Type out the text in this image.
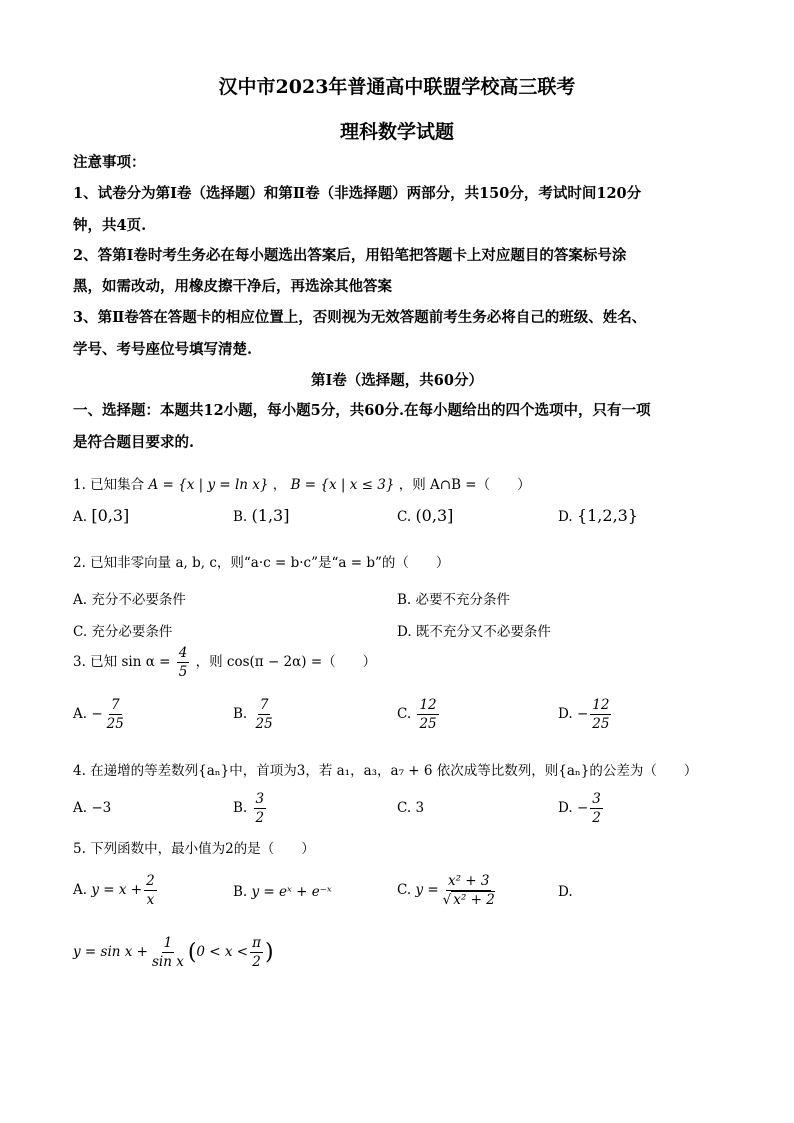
汉中市2023年普通高中联盟学校高三联考
理科数学试题
注意事项：
1、试卷分为第Ⅰ卷（选择题）和第Ⅱ卷（非选择题）两部分，共150分，考试时间120分
钟，共4页.
2、答第Ⅰ卷时考生务必在每小题选出答案后，用铅笔把答题卡上对应题目的答案标号涂
黑，如需改动，用橡皮擦干净后，再选涂其他答案
3、第Ⅱ卷答在答题卡的相应位置上，否则视为无效答题前考生务必将自己的班级、姓名、
学号、考号座位号填写清楚.
第Ⅰ卷（选择题，共60分）
一、选择题：本题共12小题，每小题5分，共60分.在每小题给出的四个选项中，只有一项
是符合题目要求的.
1. 已知集合 A = {x | y = ln x} ， B = {x | x ≤ 3} ，则 A∩B =（　　）
A. [0,3]	B. (1,3]	C. (0,3]	D. {1,2,3}
2. 已知非零向量 a, b, c，则“a·c = b·c”是“a = b”的（　　）
A. 充分不必要条件	B. 必要不充分条件
C. 充分必要条件	D. 既不充分又不必要条件
3. 已知 $\sin \alpha = \frac{4}{5}$ ，则 cos(π − 2α) =（　　）
A. − $\frac{7}{25}$	B. $\frac{7}{25}$	C. $\frac{12}{25}$	D. − $\frac{12}{25}$
4. 在递增的等差数列{aₙ}中，首项为3，若 a₁，a₃，a₇ + 6 依次成等比数列，则{aₙ}的公差为（　　）
A. −3	B. $\frac{3}{2}$	C. 3	D. − $\frac{3}{2}$
5. 下列函数中，最小值为2的是（　　）
A. $y = x + \frac{2}{x}$	B. y = eˣ + e⁻ˣ	C. $y = \frac{\text{x² + 3}}{\text{√ x² + 2}}$	D.
$y = \sin x + \frac{1}{\text{sin x}} (0 < x < \frac{\pi}{2}$ )
